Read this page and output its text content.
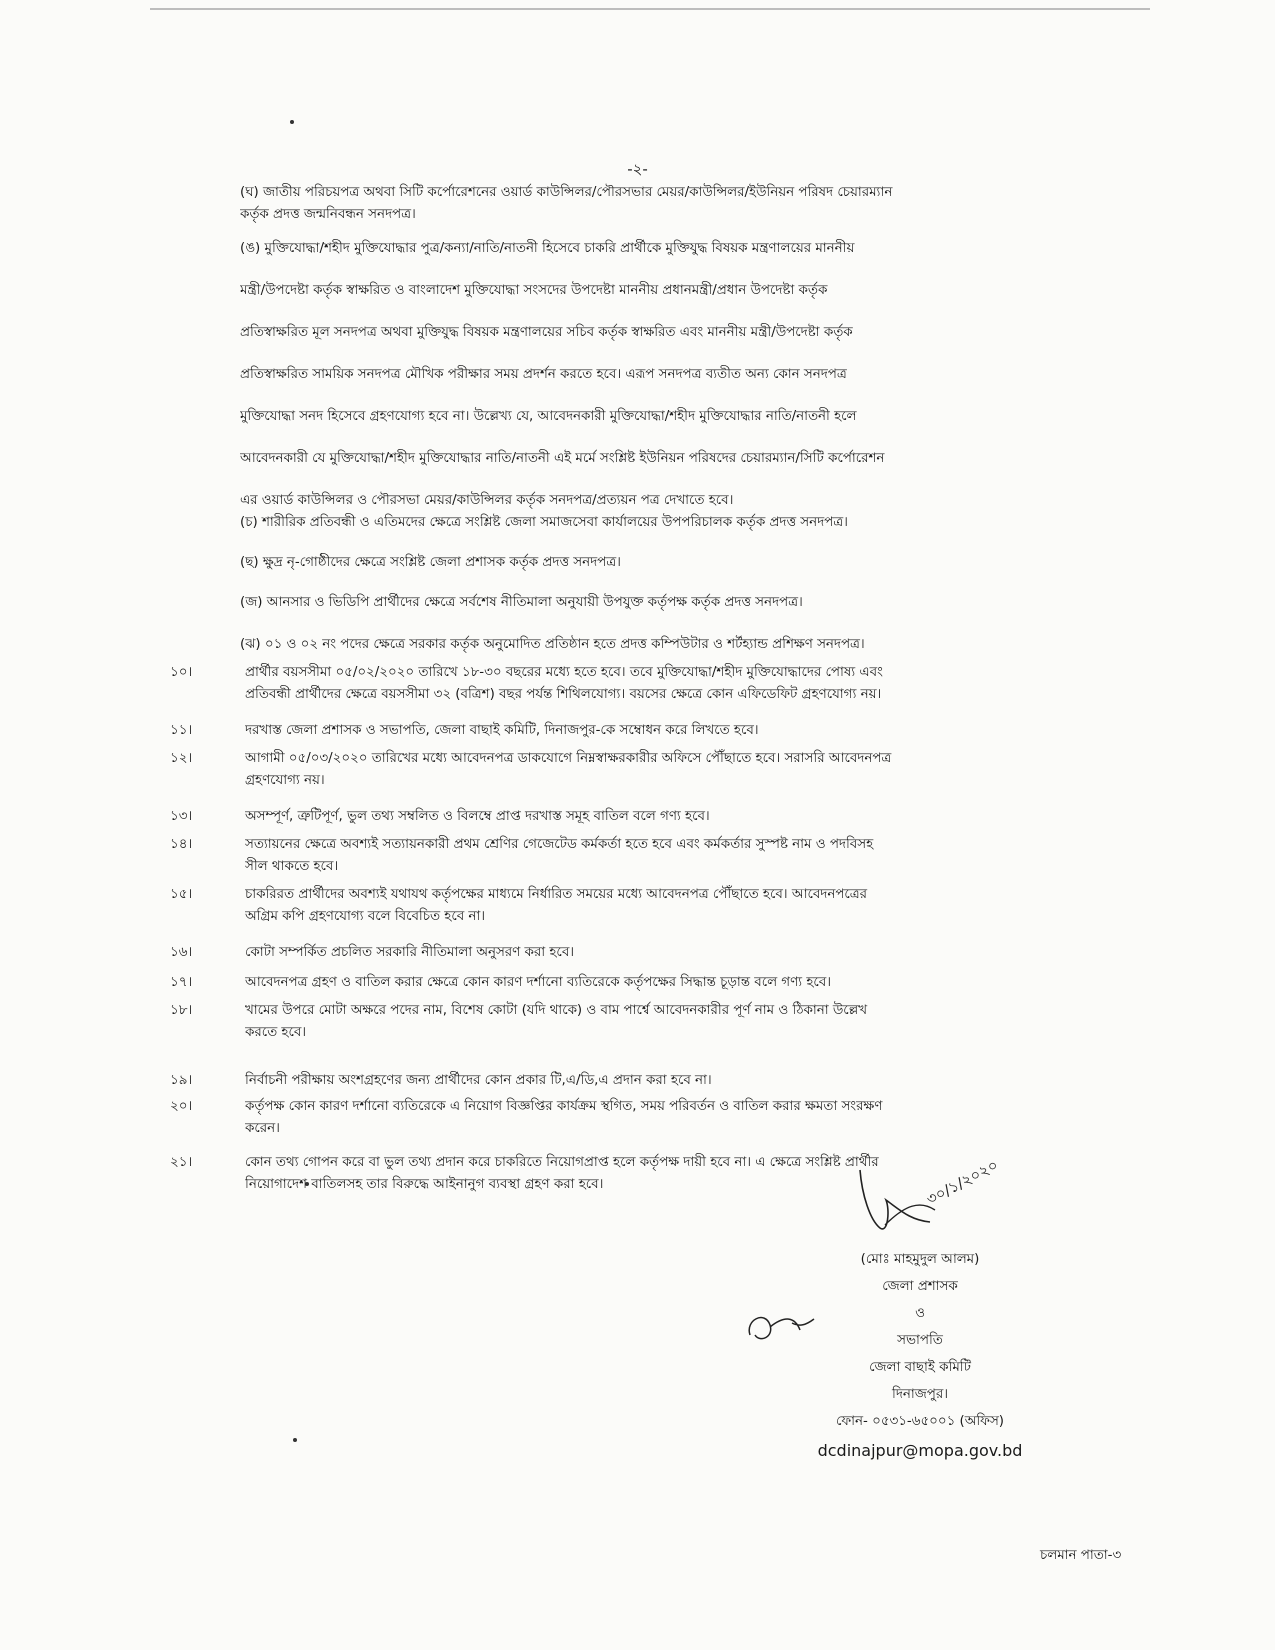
-২-
(ঘ) জাতীয় পরিচয়পত্র অথবা সিটি কর্পোরেশনের ওয়ার্ড কাউন্সিলর/পৌরসভার মেয়র/কাউন্সিলর/ইউনিয়ন পরিষদ চেয়ারম্যান
কর্তৃক প্রদত্ত জন্মনিবন্ধন সনদপত্র।
(ঙ) মুক্তিযোদ্ধা/শহীদ মুক্তিযোদ্ধার পুত্র/কন্যা/নাতি/নাতনী হিসেবে চাকরি প্রার্থীকে মুক্তিযুদ্ধ বিষয়ক মন্ত্রণালয়ের মাননীয়
মন্ত্রী/উপদেষ্টা কর্তৃক স্বাক্ষরিত ও বাংলাদেশ মুক্তিযোদ্ধা সংসদের উপদেষ্টা মাননীয় প্রধানমন্ত্রী/প্রধান উপদেষ্টা কর্তৃক
প্রতিস্বাক্ষরিত মূল সনদপত্র অথবা মুক্তিযুদ্ধ বিষয়ক মন্ত্রণালয়ের সচিব কর্তৃক স্বাক্ষরিত এবং মাননীয় মন্ত্রী/উপদেষ্টা কর্তৃক
প্রতিস্বাক্ষরিত সাময়িক সনদপত্র মৌখিক পরীক্ষার সময় প্রদর্শন করতে হবে। এরূপ সনদপত্র ব্যতীত অন্য কোন সনদপত্র
মুক্তিযোদ্ধা সনদ হিসেবে গ্রহণযোগ্য হবে না। উল্লেখ্য যে, আবেদনকারী মুক্তিযোদ্ধা/শহীদ মুক্তিযোদ্ধার নাতি/নাতনী হলে
আবেদনকারী যে মুক্তিযোদ্ধা/শহীদ মুক্তিযোদ্ধার নাতি/নাতনী এই মর্মে সংশ্লিষ্ট ইউনিয়ন পরিষদের চেয়ারম্যান/সিটি কর্পোরেশন
এর ওয়ার্ড কাউন্সিলর ও পৌরসভা মেয়র/কাউন্সিলর কর্তৃক সনদপত্র/প্রত্যয়ন পত্র দেখাতে হবে।
(চ) শারীরিক প্রতিবন্ধী ও এতিমদের ক্ষেত্রে সংশ্লিষ্ট জেলা সমাজসেবা কার্যালয়ের উপপরিচালক কর্তৃক প্রদত্ত সনদপত্র।
(ছ) ক্ষুদ্র নৃ-গোষ্ঠীদের ক্ষেত্রে সংশ্লিষ্ট জেলা প্রশাসক কর্তৃক প্রদত্ত সনদপত্র।
(জ) আনসার ও ভিডিপি প্রার্থীদের ক্ষেত্রে সর্বশেষ নীতিমালা অনুযায়ী উপযুক্ত কর্তৃপক্ষ কর্তৃক প্রদত্ত সনদপত্র।
(ঝ) ০১ ও ০২ নং পদের ক্ষেত্রে সরকার কর্তৃক অনুমোদিত প্রতিষ্ঠান হতে প্রদত্ত কম্পিউটার ও শর্টহ্যান্ড প্রশিক্ষণ সনদপত্র।
১০।	প্রার্থীর বয়সসীমা ০৫/০২/২০২০ তারিখে ১৮-৩০ বছরের মধ্যে হতে হবে। তবে মুক্তিযোদ্ধা/শহীদ মুক্তিযোদ্ধাদের পোষ্য এবং
প্রতিবন্ধী প্রার্থীদের ক্ষেত্রে বয়সসীমা ৩২ (বত্রিশ) বছর পর্যন্ত শিথিলযোগ্য। বয়সের ক্ষেত্রে কোন এফিডেফিট গ্রহণযোগ্য নয়।
১১।	দরখাস্ত জেলা প্রশাসক ও সভাপতি, জেলা বাছাই কমিটি, দিনাজপুর-কে সম্বোধন করে লিখতে হবে।
১২।	আগামী ০৫/০৩/২০২০ তারিখের মধ্যে আবেদনপত্র ডাকযোগে নিম্নস্বাক্ষরকারীর অফিসে পৌঁছাতে হবে। সরাসরি আবেদনপত্র
গ্রহণযোগ্য নয়।
১৩।	অসম্পূর্ণ, ত্রুটিপূর্ণ, ভুল তথ্য সম্বলিত ও বিলম্বে প্রাপ্ত দরখাস্ত সমূহ বাতিল বলে গণ্য হবে।
১৪।	সত্যায়নের ক্ষেত্রে অবশ্যই সত্যায়নকারী প্রথম শ্রেণির গেজেটেড কর্মকর্তা হতে হবে এবং কর্মকর্তার সুস্পষ্ট নাম ও পদবিসহ
সীল থাকতে হবে।
১৫।	চাকরিরত প্রার্থীদের অবশ্যই যথাযথ কর্তৃপক্ষের মাধ্যমে নির্ধারিত সময়ের মধ্যে আবেদনপত্র পৌঁছাতে হবে। আবেদনপত্রের
অগ্রিম কপি গ্রহণযোগ্য বলে বিবেচিত হবে না।
১৬।	কোটা সম্পর্কিত প্রচলিত সরকারি নীতিমালা অনুসরণ করা হবে।
১৭।	আবেদনপত্র গ্রহণ ও বাতিল করার ক্ষেত্রে কোন কারণ দর্শানো ব্যতিরেকে কর্তৃপক্ষের সিদ্ধান্ত চূড়ান্ত বলে গণ্য হবে।
১৮।	খামের উপরে মোটা অক্ষরে পদের নাম, বিশেষ কোটা (যদি থাকে) ও বাম পার্শ্বে আবেদনকারীর পূর্ণ নাম ও ঠিকানা উল্লেখ
করতে হবে।
১৯।	নির্বাচনী পরীক্ষায় অংশগ্রহণের জন্য প্রার্থীদের কোন প্রকার টি,এ/ডি,এ প্রদান করা হবে না।
২০।	কর্তৃপক্ষ কোন কারণ দর্শানো ব্যতিরেকে এ নিয়োগ বিজ্ঞপ্তির কার্যক্রম স্থগিত, সময় পরিবর্তন ও বাতিল করার ক্ষমতা সংরক্ষণ
করেন।
২১।	কোন তথ্য গোপন করে বা ভুল তথ্য প্রদান করে চাকরিতে নিয়োগপ্রাপ্ত হলে কর্তৃপক্ষ দায়ী হবে না। এ ক্ষেত্রে সংশ্লিষ্ট প্রার্থীর
নিয়োগাদেশ বাতিলসহ তার বিরুদ্ধে আইনানুগ ব্যবস্থা গ্রহণ করা হবে।	৩০/১/২০২০
(মোঃ মাহমুদুল আলম)
জেলা প্রশাসক
ও
সভাপতি
জেলা বাছাই কমিটি
দিনাজপুর।
ফোন- ০৫৩১-৬৫০০১ (অফিস)
dcdinajpur@mopa.gov.bd
চলমান পাতা-৩
